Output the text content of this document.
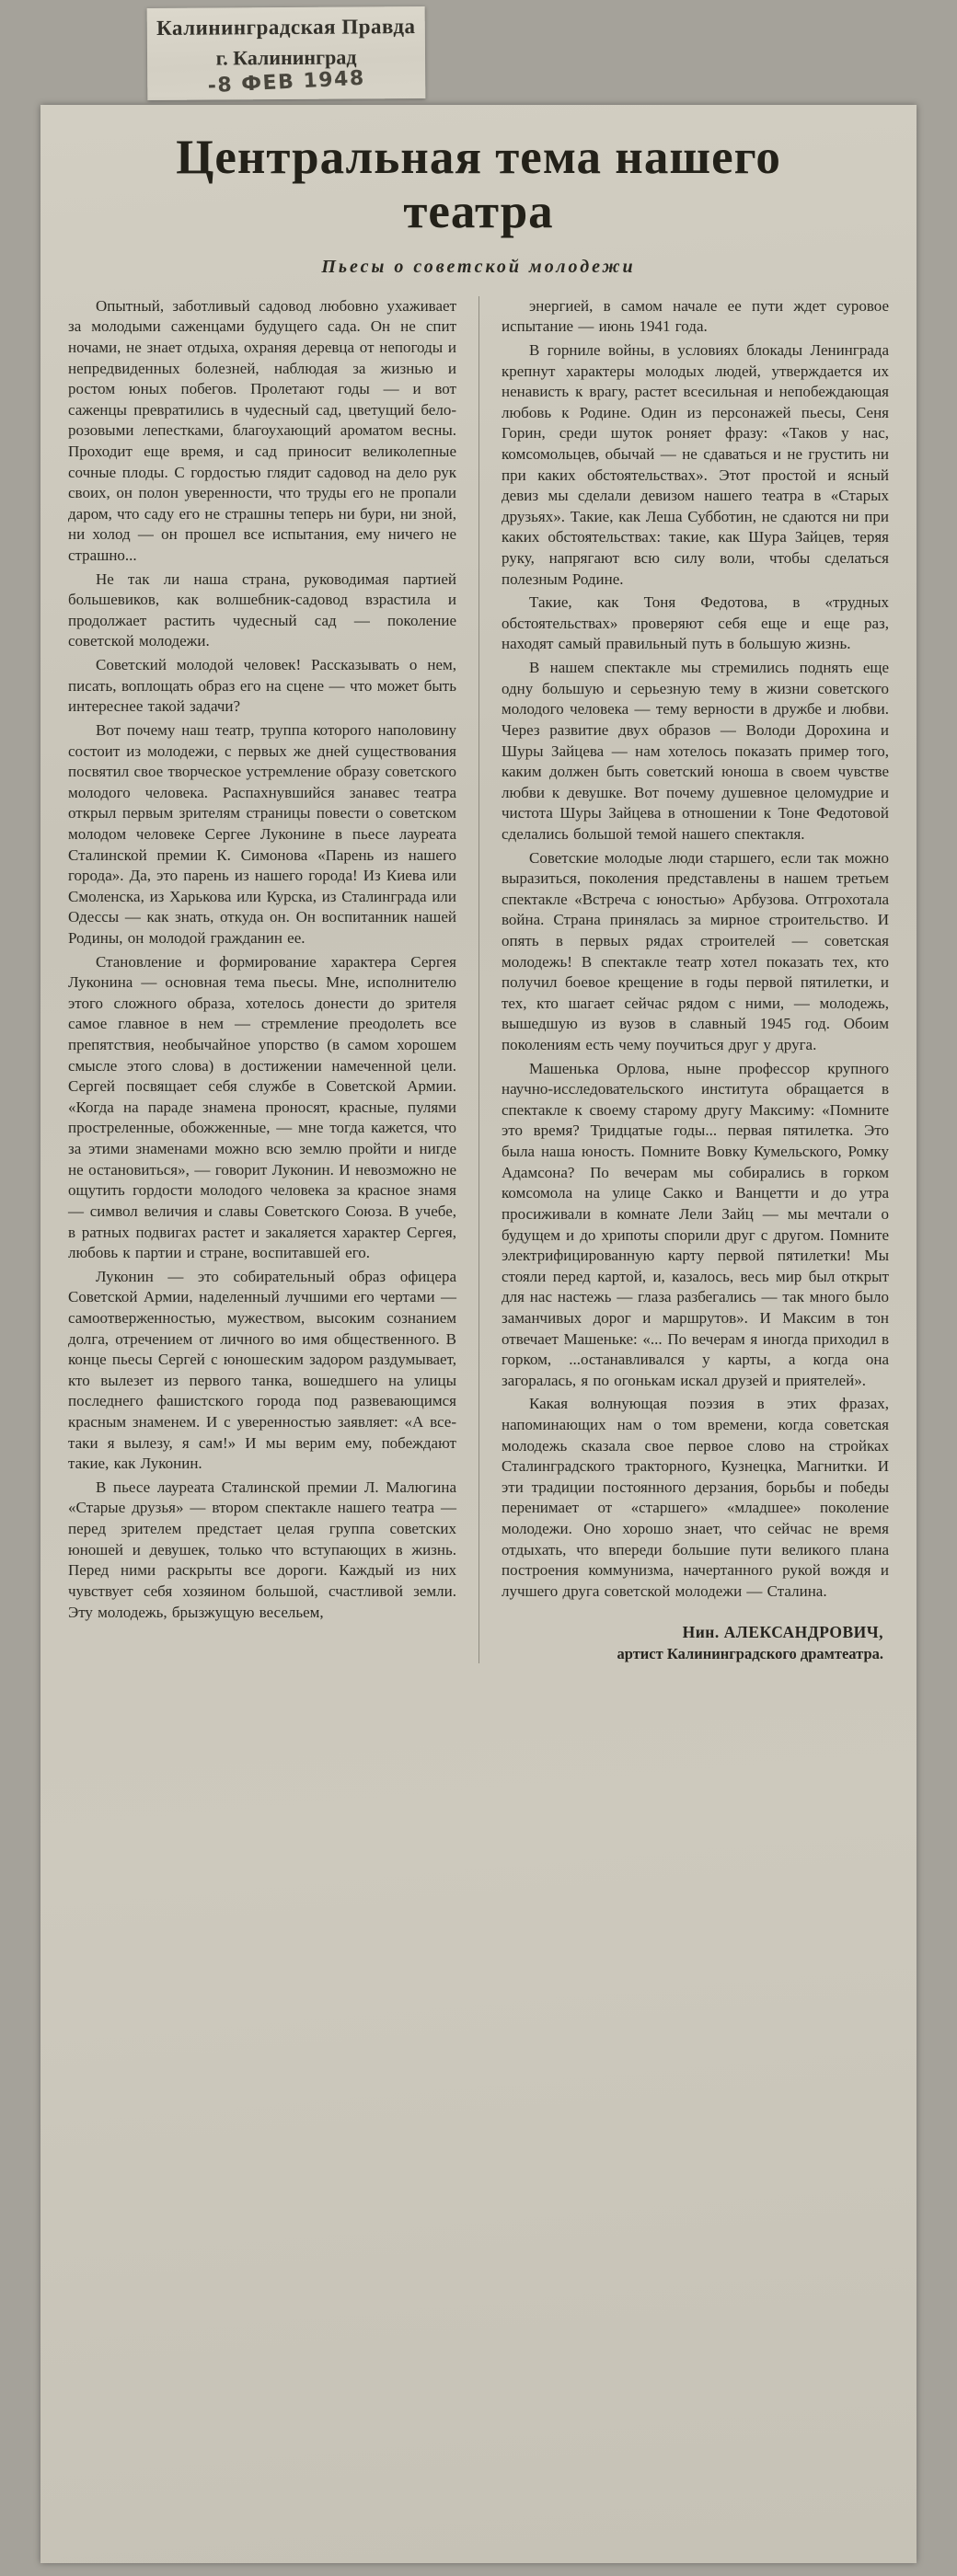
Калининградская Правда
г. Калининград
-8 ФЕВ 1948
Центральная тема нашего
театра
Пьесы о советской молодежи

Опытный, заботливый садовод любовно ухаживает за молодыми саженцами будущего сада. Он не спит ночами, не знает отдыха, охраняя деревца от непогоды и непредвиденных болезней, наблюдая за жизнью и ростом юных побегов. Пролетают годы — и вот саженцы превратились в чудесный сад, цветущий бело-розовыми лепестками, благоухающий ароматом весны. Проходит еще время, и сад приносит великолепные сочные плоды. С гордостью глядит садовод на дело рук своих, он полон уверенности, что труды его не пропали даром, что саду его не страшны теперь ни бури, ни зной, ни холод — он прошел все испытания, ему ничего не страшно...

Не так ли наша страна, руководимая партией большевиков, как волшебник-садовод взрастила и продолжает растить чудесный сад — поколение советской молодежи.

Советский молодой человек! Рассказывать о нем, писать, воплощать образ его на сцене — что может быть интереснее такой задачи?

Вот почему наш театр, труппа которого наполовину состоит из молодежи, с первых же дней существования посвятил свое творческое устремление образу советского молодого человека. Распахнувшийся занавес театра открыл первым зрителям страницы повести о советском молодом человеке Сергее Луконине в пьесе лауреата Сталинской премии К. Симонова «Парень из нашего города». Да, это парень из нашего города! Из Киева или Смоленска, из Харькова или Курска, из Сталинграда или Одессы — как знать, откуда он. Он воспитанник нашей Родины, он молодой гражданин ее.

Становление и формирование характера Сергея Луконина — основная тема пьесы. Мне, исполнителю этого сложного образа, хотелось донести до зрителя самое главное в нем — стремление преодолеть все препятствия, необычайное упорство (в самом хорошем смысле этого слова) в достижении намеченной цели. Сергей посвящает себя службе в Советской Армии. «Когда на параде знамена проносят, красные, пулями простреленные, обожженные, — мне тогда кажется, что за этими знаменами можно всю землю пройти и нигде не остановиться», — говорит Луконин. И невозможно не ощутить гордости молодого человека за красное знамя — символ величия и славы Советского Союза. В учебе, в ратных подвигах растет и закаляется характер Сергея, любовь к партии и стране, воспитавшей его.

Луконин — это собирательный образ офицера Советской Армии, наделенный лучшими его чертами — самоотверженностью, мужеством, высоким сознанием долга, отречением от личного во имя общественного. В конце пьесы Сергей с юношеским задором раздумывает, кто вылезет из первого танка, вошедшего на улицы последнего фашистского города под развевающимся красным знаменем. И с уверенностью заявляет: «А все-таки я вылезу, я сам!» И мы верим ему, побеждают такие, как Луконин.

В пьесе лауреата Сталинской премии Л. Малюгина «Старые друзья» — втором спектакле нашего театра — перед зрителем предстает целая группа советских юношей и девушек, только что вступающих в жизнь. Перед ними раскрыты все дороги. Каждый из них чувствует себя хозяином большой, счастливой земли. Эту молодежь, брызжущую весельем,

энергией, в самом начале ее пути ждет суровое испытание — июнь 1941 года.

В горниле войны, в условиях блокады Ленинграда крепнут характеры молодых людей, утверждается их ненависть к врагу, растет всесильная и непобеждающая любовь к Родине. Один из персонажей пьесы, Сеня Горин, среди шуток роняет фразу: «Таков у нас, комсомольцев, обычай — не сдаваться и не грустить ни при каких обстоятельствах». Этот простой и ясный девиз мы сделали девизом нашего театра в «Старых друзьях». Такие, как Леша Субботин, не сдаются ни при каких обстоятельствах: такие, как Шура Зайцев, теряя руку, напрягают всю силу воли, чтобы сделаться полезным Родине.

Такие, как Тоня Федотова, в «трудных обстоятельствах» проверяют себя еще и еще раз, находят самый правильный путь в большую жизнь.

В нашем спектакле мы стремились поднять еще одну большую и серьезную тему в жизни советского молодого человека — тему верности в дружбе и любви. Через развитие двух образов — Володи Дорохина и Шуры Зайцева — нам хотелось показать пример того, каким должен быть советский юноша в своем чувстве любви к девушке. Вот почему душевное целомудрие и чистота Шуры Зайцева в отношении к Тоне Федотовой сделались большой темой нашего спектакля.

Советские молодые люди старшего, если так можно выразиться, поколения представлены в нашем третьем спектакле «Встреча с юностью» Арбузова. Отгрохотала война. Страна принялась за мирное строительство. И опять в первых рядах строителей — советская молодежь! В спектакле театр хотел показать тех, кто получил боевое крещение в годы первой пятилетки, и тех, кто шагает сейчас рядом с ними, — молодежь, вышедшую из вузов в славный 1945 год. Обоим поколениям есть чему поучиться друг у друга.

Машенька Орлова, ныне профессор крупного научно-исследовательского института обращается в спектакле к своему старому другу Максиму: «Помните это время? Тридцатые годы... первая пятилетка. Это была наша юность. Помните Вовку Кумельского, Ромку Адамсона? По вечерам мы собирались в горком комсомола на улице Сакко и Ванцетти и до утра просиживали в комнате Лели Зайц — мы мечтали о будущем и до хрипоты спорили друг с другом. Помните электрифицированную карту первой пятилетки! Мы стояли перед картой, и, казалось, весь мир был открыт для нас настежь — глаза разбегались — так много было заманчивых дорог и маршрутов». И Максим в тон отвечает Машеньке: «... По вечерам я иногда приходил в горком, ...останавливался у карты, а когда она загоралась, я по огонькам искал друзей и приятелей».

Какая волнующая поэзия в этих фразах, напоминающих нам о том времени, когда советская молодежь сказала свое первое слово на стройках Сталинградского тракторного, Кузнецка, Магнитки. И эти традиции постоянного дерзания, борьбы и победы перенимает от «старшего» «младшее» поколение молодежи. Оно хорошо знает, что сейчас не время отдыхать, что впереди большие пути великого плана построения коммунизма, начертанного рукой вождя и лучшего друга советской молодежи — Сталина.

Нин. АЛЕКСАНДРОВИЧ,
артист Калининградского драмтеатра.
